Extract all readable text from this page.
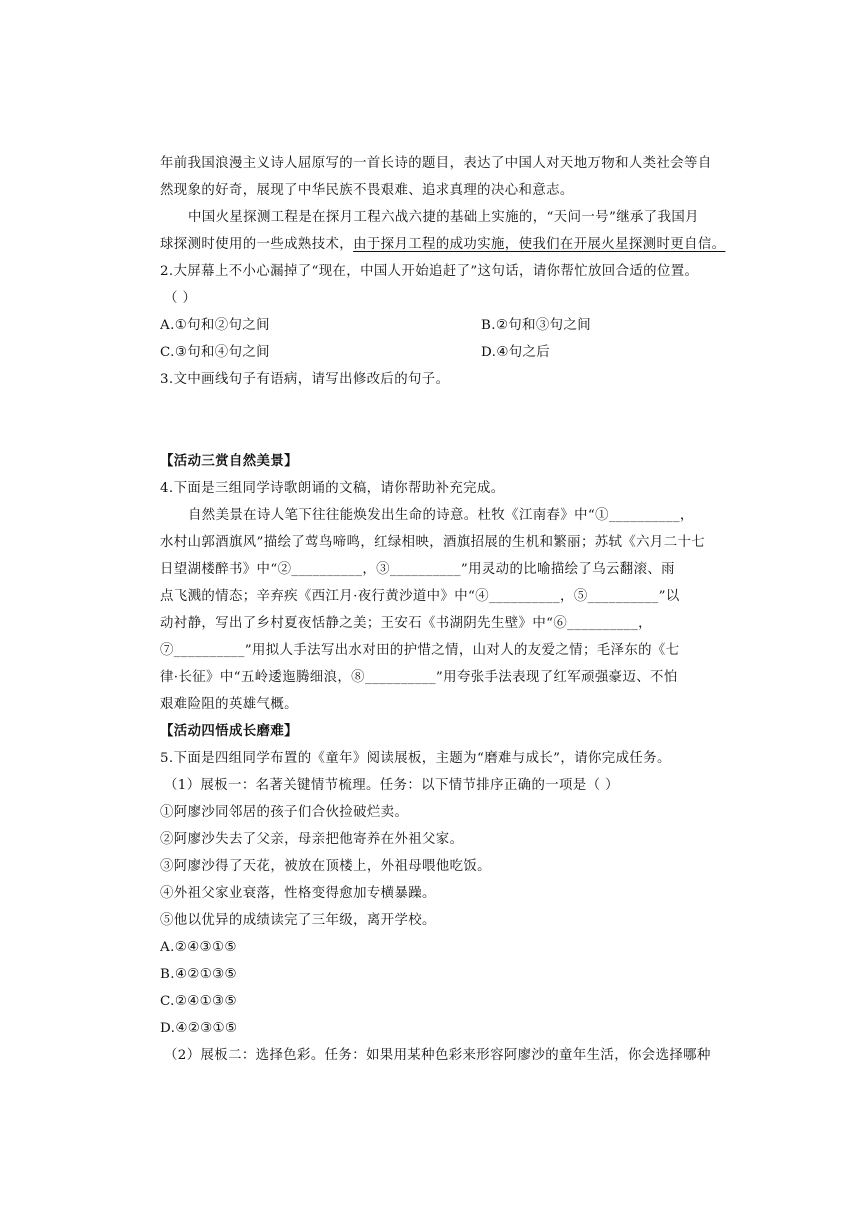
年前我国浪漫主义诗人屈原写的一首长诗的题目，表达了中国人对天地万物和人类社会等自
然现象的好奇，展现了中华民族不畏艰难、追求真理的决心和意志。
中国火星探测工程是在探月工程六战六捷的基础上实施的，“天问一号”继承了我国月
球探测时使用的一些成熟技术，由于探月工程的成功实施，使我们在开展火星探测时更自信。
2.大屏幕上不小心漏掉了“现在，中国人开始追赶了”这句话，请你帮忙放回合适的位置。
（ ）
A.①句和②句之间	B.②句和③句之间
C.③句和④句之间	D.④句之后
3.文中画线句子有语病，请写出修改后的句子。
【活动三赏自然美景】
4.下面是三组同学诗歌朗诵的文稿，请你帮助补充完成。
自然美景在诗人笔下往往能焕发出生命的诗意。杜牧《江南春》中“①__________，
水村山郭酒旗风”描绘了莺鸟啼鸣，红绿相映，酒旗招展的生机和繁丽；苏轼《六月二十七
日望湖楼醉书》中“②__________，③__________”用灵动的比喻描绘了乌云翻滚、雨
点飞溅的情态；辛弃疾《西江月·夜行黄沙道中》中“④__________，⑤__________”以
动衬静，写出了乡村夏夜恬静之美；王安石《书湖阴先生壁》中“⑥__________，
⑦__________”用拟人手法写出水对田的护惜之情，山对人的友爱之情；毛泽东的《七
律·长征》中“五岭逶迤腾细浪，⑧__________”用夸张手法表现了红军顽强豪迈、不怕
艰难险阻的英雄气概。
【活动四悟成长磨难】
5.下面是四组同学布置的《童年》阅读展板，主题为“磨难与成长”，请你完成任务。
（1）展板一：名著关键情节梳理。任务：以下情节排序正确的一项是（ ）
①阿廖沙同邻居的孩子们合伙捡破烂卖。
②阿廖沙失去了父亲，母亲把他寄养在外祖父家。
③阿廖沙得了天花，被放在顶楼上，外祖母喂他吃饭。
④外祖父家业衰落，性格变得愈加专横暴躁。
⑤他以优异的成绩读完了三年级，离开学校。
A.②④③①⑤
B.④②①③⑤
C.②④①③⑤
D.④②③①⑤
（2）展板二：选择色彩。任务：如果用某种色彩来形容阿廖沙的童年生活，你会选择哪种
